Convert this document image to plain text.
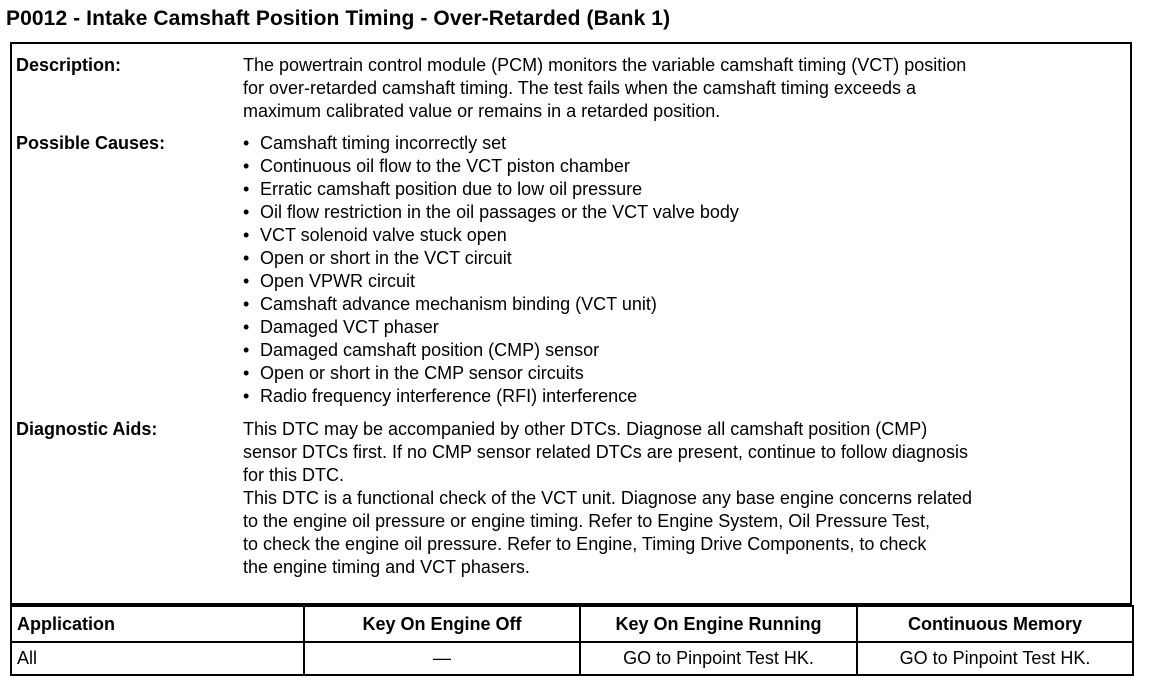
P0012 - Intake Camshaft Position Timing - Over-Retarded (Bank 1)
Description:	The powertrain control module (PCM) monitors the variable camshaft timing (VCT) position

for over-retarded camshaft timing. The test fails when the camshaft timing exceeds a

maximum calibrated value or remains in a retarded position.

Possible Causes:	• Camshaft timing incorrectly set
• Continuous oil flow to the VCT piston chamber
• Erratic camshaft position due to low oil pressure
• Oil flow restriction in the oil passages or the VCT valve body
• VCT solenoid valve stuck open
• Open or short in the VCT circuit
• Open VPWR circuit
• Camshaft advance mechanism binding (VCT unit)
• Damaged VCT phaser
• Damaged camshaft position (CMP) sensor
• Open or short in the CMP sensor circuits
• Radio frequency interference (RFI) interference
Diagnostic Aids:	This DTC may be accompanied by other DTCs. Diagnose all camshaft position (CMP)

sensor DTCs first. If no CMP sensor related DTCs are present, continue to follow diagnosis

for this DTC.

This DTC is a functional check of the VCT unit. Diagnose any base engine concerns related

to the engine oil pressure or engine timing. Refer to Engine System, Oil Pressure Test,

to check the engine oil pressure. Refer to Engine, Timing Drive Components, to check

the engine timing and VCT phasers.

Application	Key On Engine Off	Key On Engine Running	Continuous Memory
All	—	GO to Pinpoint Test HK.	GO to Pinpoint Test HK.
